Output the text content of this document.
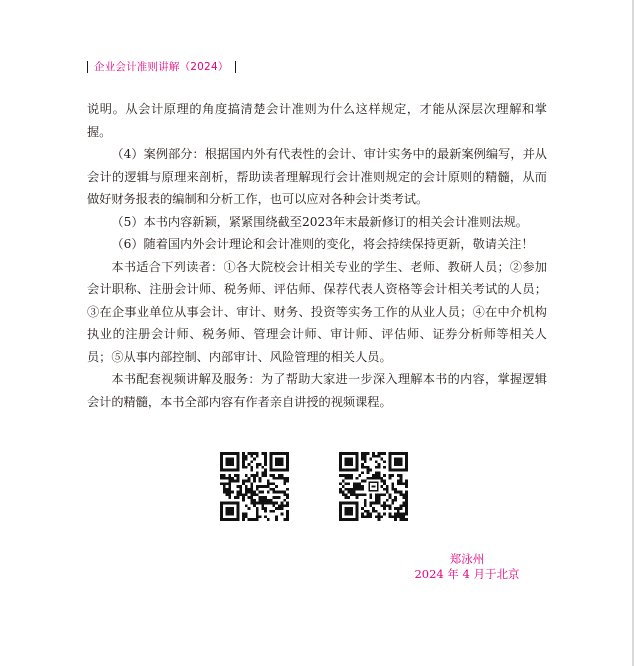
企业会计准则讲解（2024）

说明。从会计原理的角度搞清楚会计准则为什么这样规定，才能从深层次理解和掌握。

（4）案例部分：根据国内外有代表性的会计、审计实务中的最新案例编写，并从会计的逻辑与原理来剖析，帮助读者理解现行会计准则规定的会计原则的精髓，从而做好财务报表的编制和分析工作，也可以应对各种会计类考试。

（5）本书内容新颖，紧紧围绕截至2023年末最新修订的相关会计准则法规。

（6）随着国内外会计理论和会计准则的变化，将会持续保持更新，敬请关注！

本书适合下列读者：①各大院校会计相关专业的学生、老师、教研人员；②参加会计职称、注册会计师、税务师、评估师、保荐代表人资格等会计相关考试的人员；③在企事业单位从事会计、审计、财务、投资等实务工作的从业人员；④在中介机构执业的注册会计师、税务师、管理会计师、审计师、评估师、证券分析师等相关人员；⑤从事内部控制、内部审计、风险管理的相关人员。

本书配套视频讲解及服务：为了帮助大家进一步深入理解本书的内容，掌握逻辑会计的精髓，本书全部内容有作者亲自讲授的视频课程。

郑泳州
2024 年 4 月于北京
